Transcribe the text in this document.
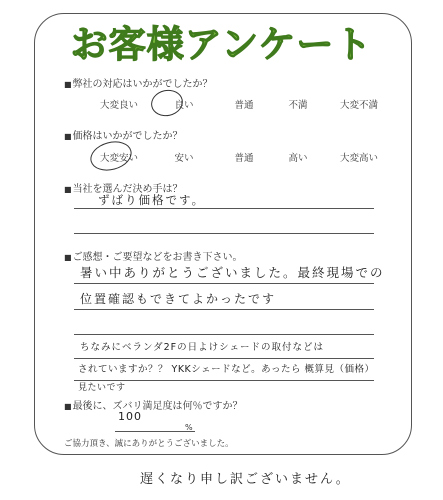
お客様アンケート
■ 弊社の対応はいかがでしたか？
大変良い	良い	普通	不満	大変不満
■ 価格はいかがでしたか？
大変安い	安い	普通	高い	大変高い
■ 当社を選んだ決め手は？
ずばり価格です。
■ ご感想・ご要望などをお書き下さい。
暑い中ありがとうございました。最終現場での
位置確認もできてよかったです
ちなみにベランダ2Fの日よけシェードの取付などは
されていますか？？ YKKシェードなど。あったら 概算見（価格）
見たいです
■ 最後に、ズバリ満足度は何％ですか？
100
%
ご協力頂き、誠にありがとうございました。
遅くなり申し訳ございません。
